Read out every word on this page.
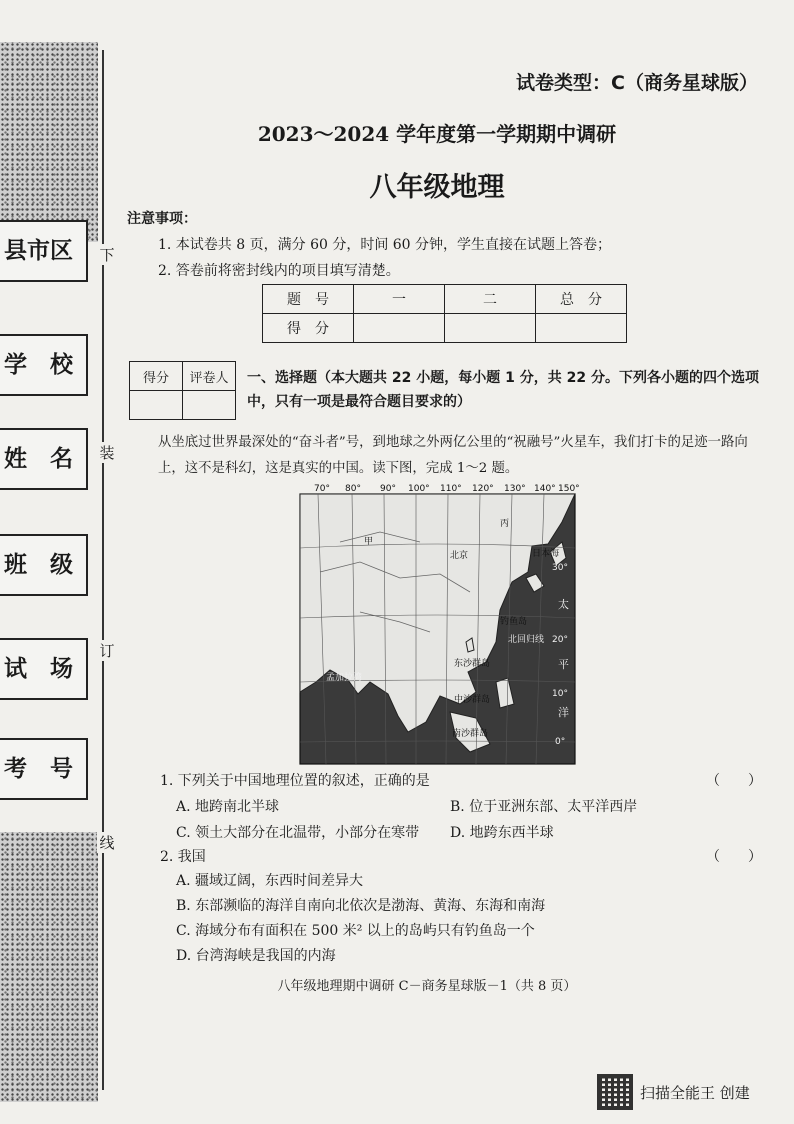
县市区
学　校
姓　名
班　级
试　场
考　号
下
装
订
线
试卷类型：C（商务星球版）
2023～2024 学年度第一学期期中调研
八年级地理
注意事项：
1. 本试卷共 8 页，满分 60 分，时间 60 分钟，学生直接在试题上答卷；
2. 答卷前将密封线内的项目填写清楚。
题　号	一	二	总　分
得　分			
得分	评卷人
	一、选择题（本大题共 22 小题，每小题 1 分，共 22 分。下列各小题的四个选项中，只有一项是最符合题目要求的）
从坐底过世界最深处的“奋斗者”号，到地球之外两亿公里的“祝融号”火星车，我们打卡的足迹一路向上，这不是科幻，这是真实的中国。读下图，完成 1～2 题。
70° 80° 90° 100° 110° 120° 130° 140° 150°
30°
20°
10°
0°
甲
丙
北京	日本海
钓鱼岛
东沙群岛
中沙群岛
南沙群岛
北回归线
孟加拉湾
太
平
洋
1. 下列关于中国地理位置的叙述，正确的是	（　　）
A. 地跨南北半球	B. 位于亚洲东部、太平洋西岸
C. 领土大部分在北温带，小部分在寒带 D. 地跨东西半球
2. 我国	（　　）
A. 疆域辽阔，东西时间差异大
B. 东部濒临的海洋自南向北依次是渤海、黄海、东海和南海
C. 海域分布有面积在 500 米² 以上的岛屿只有钓鱼岛一个
D. 台湾海峡是我国的内海
八年级地理期中调研 C－商务星球版－1（共 8 页）
扫描全能王 创建
